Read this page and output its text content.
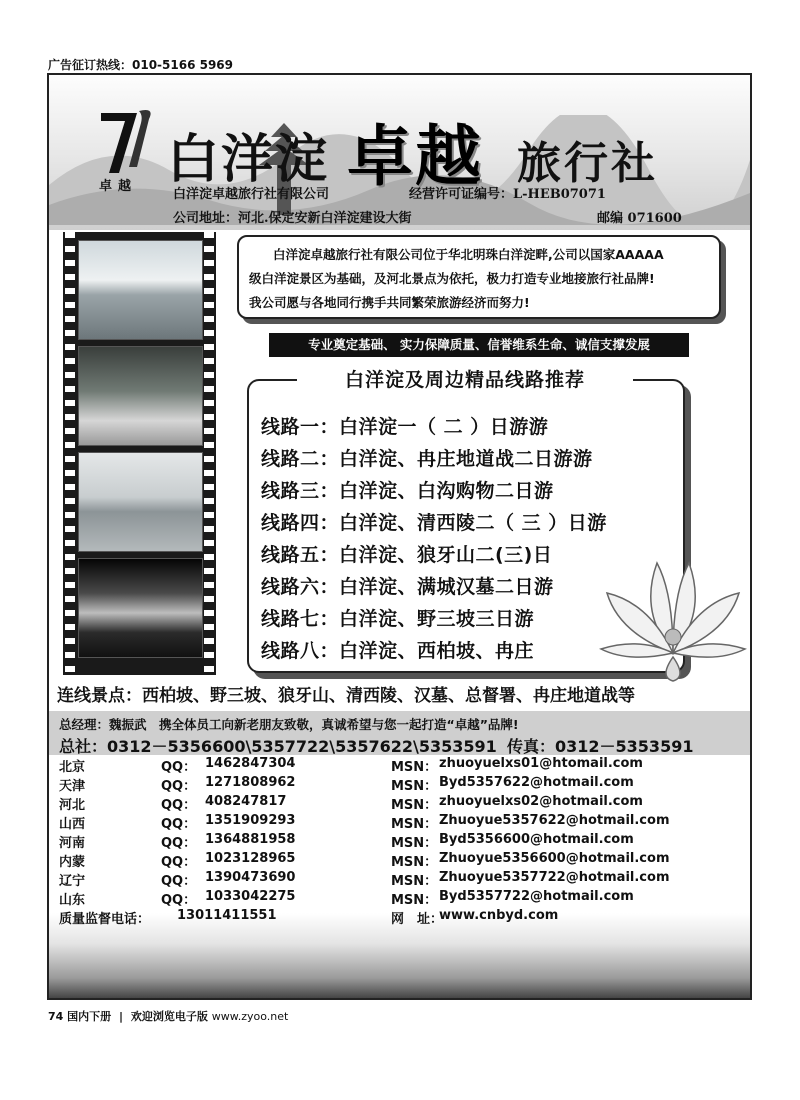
广告征订热线：010-5166 5969
卓越 白洋淀 卓越 旅行社
白洋淀卓越旅行社有限公司	经营许可证编号：L-HEB07071
公司地址：河北.保定安新白洋淀建设大街	邮编 071600
白洋淀卓越旅行社有限公司位于华北明珠白洋淀畔,公司以国家AAAAA
级白洋淀景区为基础，及河北景点为依托，极力打造专业地接旅行社品牌!
我公司愿与各地同行携手共同繁荣旅游经济而努力!
专业奠定基础、 实力保障质量、信誉维系生命、诚信支撑发展
白洋淀及周边精品线路推荐
线路一：白洋淀一（ 二 ）日游游
线路二：白洋淀、冉庄地道战二日游游
线路三：白洋淀、白沟购物二日游
线路四：白洋淀、清西陵二（ 三 ）日游
线路五：白洋淀、狼牙山二(三)日
线路六：白洋淀、满城汉墓二日游
线路七：白洋淀、野三坡三日游
线路八：白洋淀、西柏坡、冉庄
连线景点：西柏坡、野三坡、狼牙山、清西陵、汉墓、总督署、冉庄地道战等
总经理：魏振武　携全体员工向新老朋友致敬，真诚希望与您一起打造“卓越”品牌!
总社：0312－5356600\5357722\5357622\5353591 传真：0312－5353591
北京	QQ： 1462847304	MSN： zhuoyuelxs01@htomail.com
天津	QQ： 1271808962	MSN： Byd5357622@hotmail.com
河北	QQ： 408247817	MSN： zhuoyuelxs02@hotmail.com
山西	QQ： 1351909293	MSN： Zhuoyue5357622@hotmail.com
河南	QQ： 1364881958	MSN： Byd5356600@hotmail.com
内蒙	QQ： 1023128965	MSN： Zhuoyue5356600@hotmail.com
辽宁	QQ： 1390473690	MSN： Zhuoyue5357722@hotmail.com
山东	QQ： 1033042275	MSN： Byd5357722@hotmail.com
质量监督电话： 13011411551	网　址：
www.cnbyd.com
74 国内下册 | 欢迎浏览电子版 www.zyoo.net
